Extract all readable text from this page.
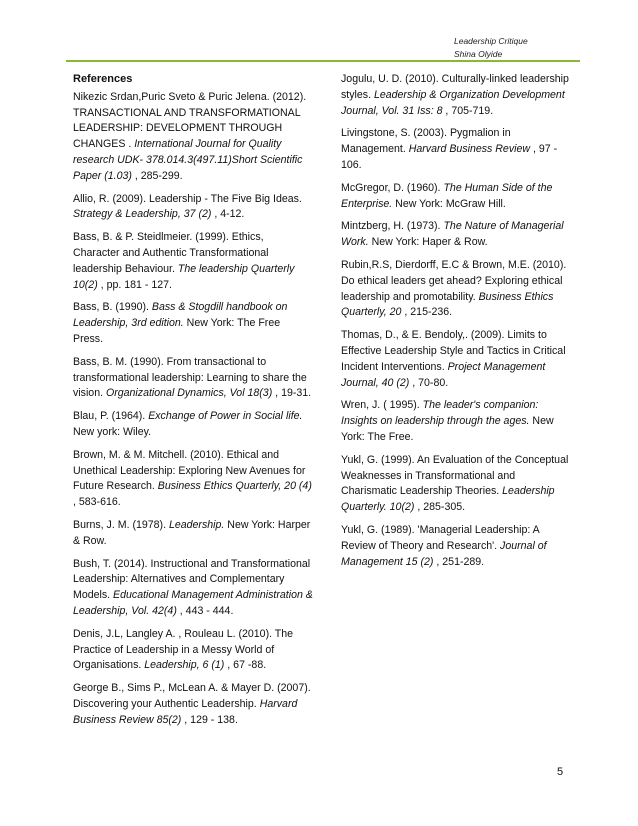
Leadership Critique

Shina Olyide
References
Nikezic Srdan,Puric Sveto & Puric Jelena. (2012). TRANSACTIONAL AND TRANSFORMATIONAL LEADERSHIP: DEVELOPMENT THROUGH CHANGES . International Journal for Quality research UDK- 378.014.3(497.11)Short Scientific Paper (1.03) , 285-299.
Allio, R. (2009). Leadership - The Five Big Ideas. Strategy & Leadership, 37 (2) , 4-12.
Bass, B. & P. Steidlmeier. (1999). Ethics, Character and Authentic Transformational leadership Behaviour. The leadership Quarterly 10(2) , pp. 181 - 127.
Bass, B. (1990). Bass & Stogdill handbook on Leadership, 3rd edition. New York: The Free Press.
Bass, B. M. (1990). From transactional to transformational leadership: Learning to share the vision. Organizational Dynamics, Vol 18(3) , 19-31.
Blau, P. (1964). Exchange of Power in Social life. New york: Wiley.
Brown, M. & M. Mitchell. (2010). Ethical and Unethical Leadership: Exploring New Avenues for Future Research. Business Ethics Quarterly, 20 (4) , 583-616.
Burns, J. M. (1978). Leadership. New York: Harper & Row.
Bush, T. (2014). Instructional and Transformational Leadership: Alternatives and Complementary Models. Educational Management Administration & Leadership, Vol. 42(4) , 443 - 444.
Denis, J.L, Langley A. , Rouleau L. (2010). The Practice of Leadership in a Messy World of Organisations. Leadership, 6 (1) , 67 -88.
George B., Sims P., McLean A. & Mayer D. (2007). Discovering your Authentic Leadership. Harvard Business Review 85(2) , 129 - 138.
Jogulu, U. D. (2010). Culturally-linked leadership styles. Leadership & Organization Development Journal, Vol. 31 Iss: 8 , 705-719.
Livingstone, S. (2003). Pygmalion in Management. Harvard Business Review , 97 - 106.
McGregor, D. (1960). The Human Side of the Enterprise. New York: McGraw Hill.
Mintzberg, H. (1973). The Nature of Managerial Work. New York: Haper & Row.
Rubin,R.S, Dierdorff, E.C & Brown, M.E. (2010). Do ethical leaders get ahead? Exploring ethical leadership and promotability. Business Ethics Quarterly, 20 , 215-236.
Thomas, D., & E. Bendoly,. (2009). Limits to Effective Leadership Style and Tactics in Critical Incident Interventions. Project Management Journal, 40 (2) , 70-80.
Wren, J. ( 1995). The leader's companion: Insights on leadership through the ages. New York: The Free.
Yukl, G. (1999). An Evaluation of the Conceptual Weaknesses in Transformational and Charismatic Leadership Theories. Leadership Quarterly. 10(2) , 285-305.
Yukl, G. (1989). 'Managerial Leadership: A Review of Theory and Research'. Journal of Management 15 (2) , 251-289.
5
